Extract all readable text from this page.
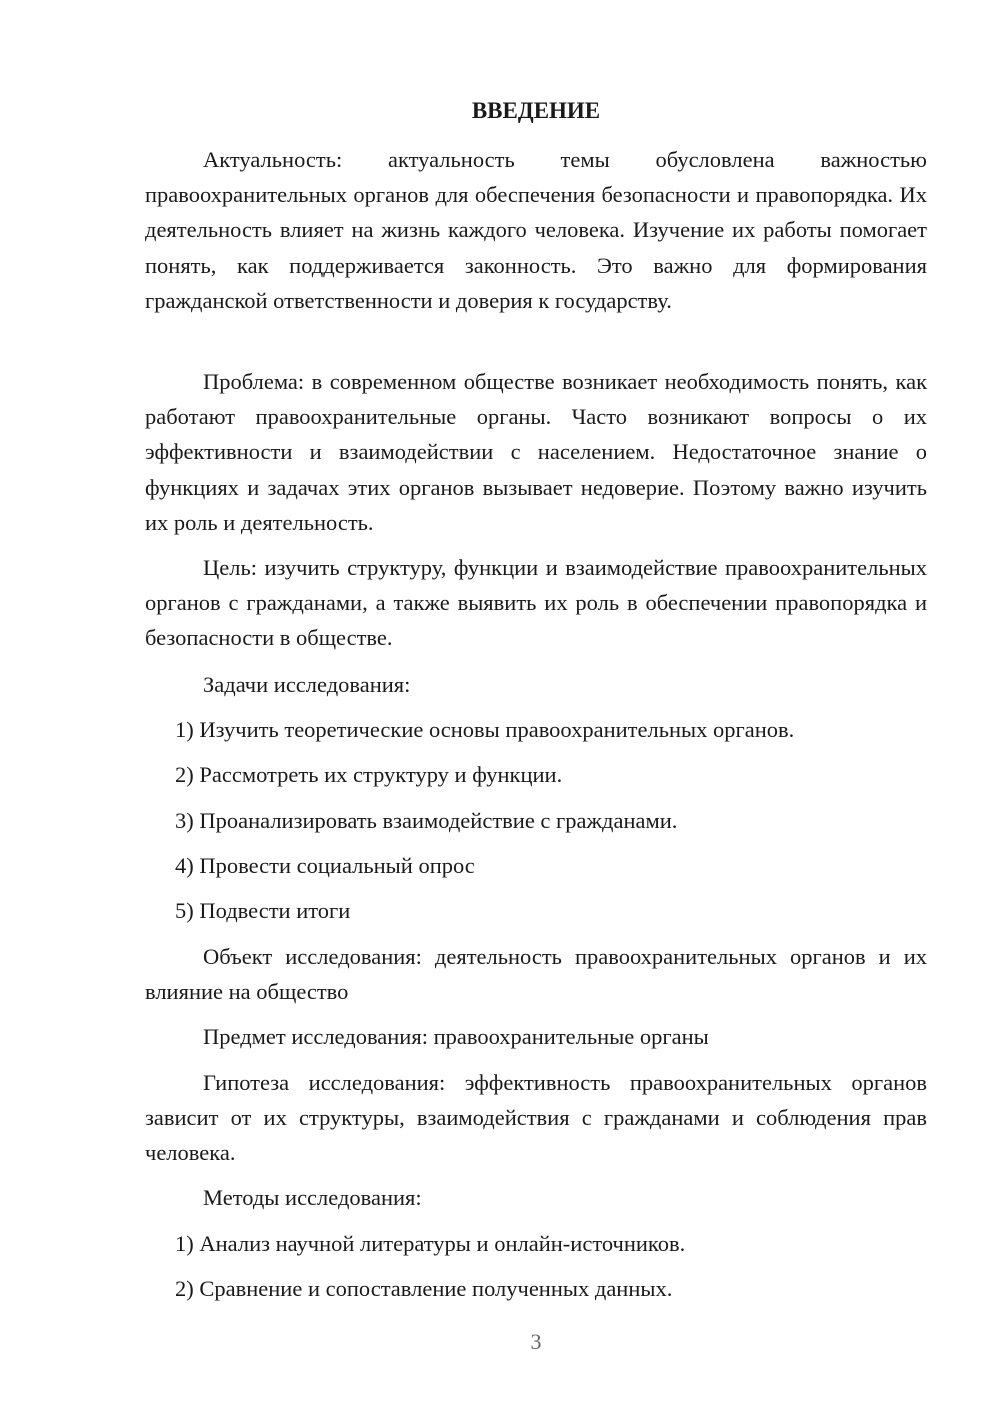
ВВЕДЕНИЕ

Актуальность: актуальность темы обусловлена важностью правоохранительных органов для обеспечения безопасности и правопорядка. Их деятельность влияет на жизнь каждого человека. Изучение их работы помогает понять, как поддерживается законность. Это важно для формирования гражданской ответственности и доверия к государству.

Проблема: в современном обществе возникает необходимость понять, как работают правоохранительные органы. Часто возникают вопросы о их эффективности и взаимодействии с населением. Недостаточное знание о функциях и задачах этих органов вызывает недоверие. Поэтому важно изучить их роль и деятельность.

Цель: изучить структуру, функции и взаимодействие правоохранительных органов с гражданами, а также выявить их роль в обеспечении правопорядка и безопасности в обществе.

Задачи исследования:

1) Изучить теоретические основы правоохранительных органов.

2) Рассмотреть их структуру и функции.

3) Проанализировать взаимодействие с гражданами.

4) Провести социальный опрос

5) Подвести итоги

Объект исследования: деятельность правоохранительных органов и их влияние на общество

Предмет исследования: правоохранительные органы

Гипотеза исследования: эффективность правоохранительных органов зависит от их структуры, взаимодействия с гражданами и соблюдения прав человека.

Методы исследования:

1) Анализ научной литературы и онлайн-источников.

2) Сравнение и сопоставление полученных данных.

3
